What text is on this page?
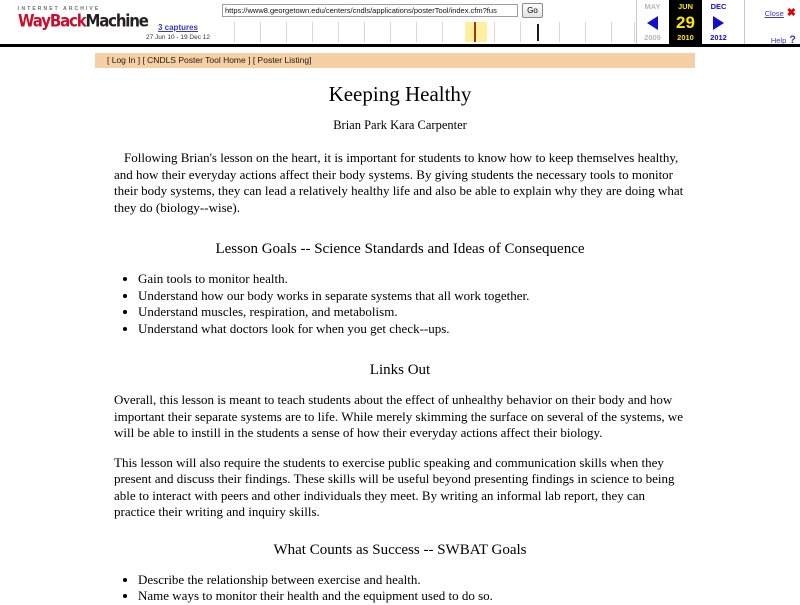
INTERNET ARCHIVE
WayBackMachine	3 captures
27 Jun 10 - 19 Dec 12
https://www8.georgetown.edu/centers/cndls/applications/posterTool/index.cfm?fus	Go	MAY
2009
JUN
29
2010
DEC
2012
Close ✖
Help ?
[ Log In ] [ CNDLS Poster Tool Home ] [ Poster Listing]
Keeping Healthy
Brian Park Kara Carpenter

Following Brian's lesson on the heart, it is important for students to know how to keep themselves healthy, and how their everyday actions affect their body systems. By giving students the necessary tools to monitor their body systems, they can lead a relatively healthy life and also be able to explain why they are doing what they do (biology--wise).

Lesson Goals -- Science Standards and Ideas of Consequence
• Gain tools to monitor health.
• Understand how our body works in separate systems that all work together.
• Understand muscles, respiration, and metabolism.
• Understand what doctors look for when you get check--ups.
Links Out

Overall, this lesson is meant to teach students about the effect of unhealthy behavior on their body and how important their separate systems are to life. While merely skimming the surface on several of the systems, we will be able to instill in the students a sense of how their everyday actions affect their biology.

This lesson will also require the students to exercise public speaking and communication skills when they present and discuss their findings. These skills will be useful beyond presenting findings in science to being able to interact with peers and other individuals they meet. By writing an informal lab report, they can practice their writing and inquiry skills.

What Counts as Success -- SWBAT Goals
• Describe the relationship between exercise and health.
• Name ways to monitor their health and the equipment used to do so.
